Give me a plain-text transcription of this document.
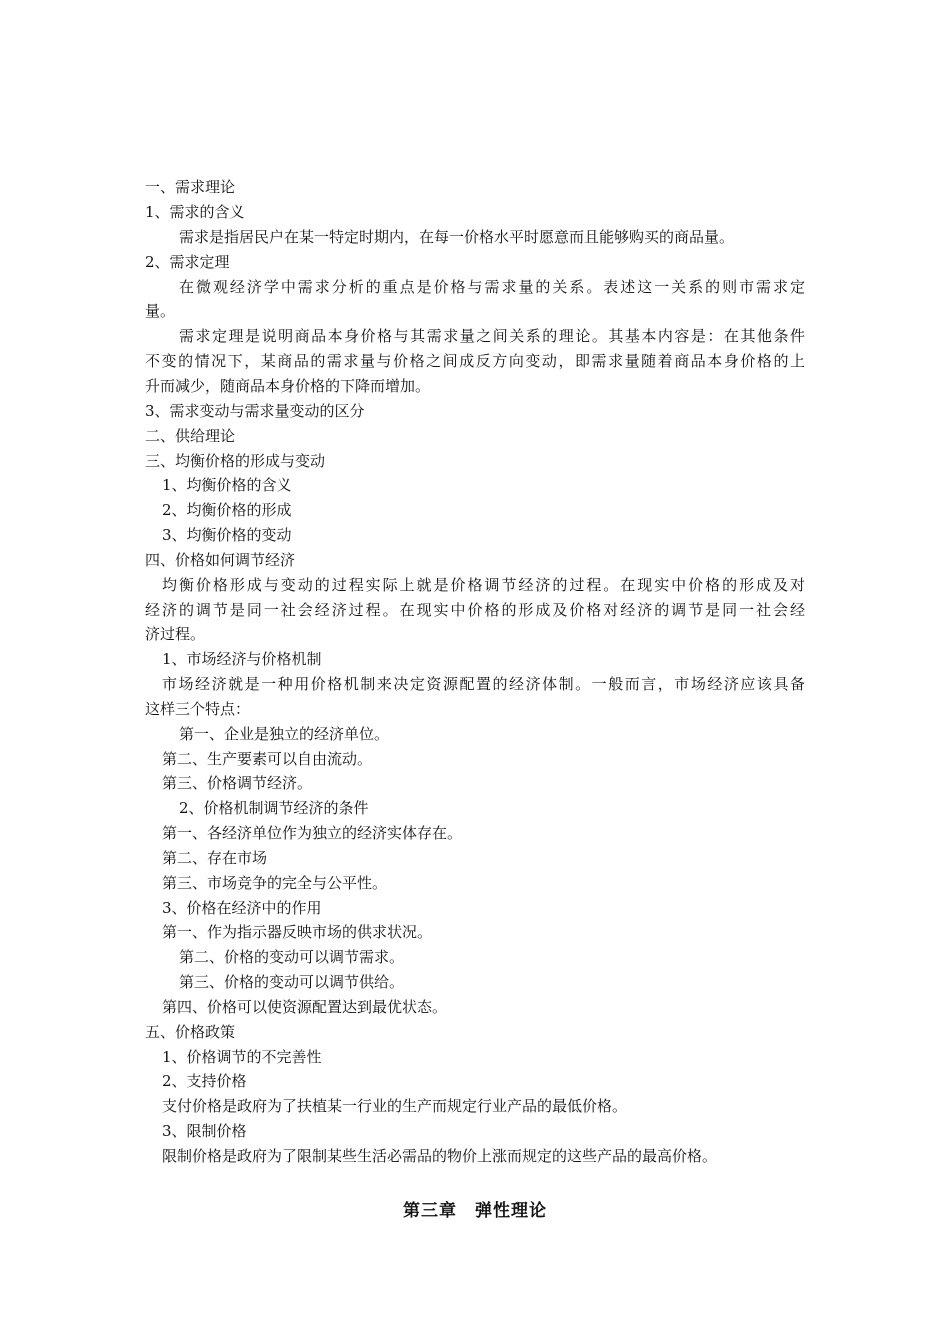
一、需求理论
1、需求的含义
需求是指居民户在某一特定时期内，在每一价格水平时愿意而且能够购买的商品量。
2、需求定理
在微观经济学中需求分析的重点是价格与需求量的关系。表述这一关系的则市需求定
量。
需求定理是说明商品本身价格与其需求量之间关系的理论。其基本内容是：在其他条件
不变的情况下，某商品的需求量与价格之间成反方向变动，即需求量随着商品本身价格的上
升而减少，随商品本身价格的下降而增加。
3、需求变动与需求量变动的区分
二、供给理论
三、均衡价格的形成与变动
1、均衡价格的含义
2、均衡价格的形成
3、均衡价格的变动
四、价格如何调节经济
均衡价格形成与变动的过程实际上就是价格调节经济的过程。在现实中价格的形成及对
经济的调节是同一社会经济过程。在现实中价格的形成及价格对经济的调节是同一社会经
济过程。
1、市场经济与价格机制
市场经济就是一种用价格机制来决定资源配置的经济体制。一般而言，市场经济应该具备
这样三个特点：
第一、企业是独立的经济单位。
第二、生产要素可以自由流动。
第三、价格调节经济。
2、价格机制调节经济的条件
第一、各经济单位作为独立的经济实体存在。
第二、存在市场
第三、市场竞争的完全与公平性。
3、价格在经济中的作用
第一、作为指示器反映市场的供求状况。
第二、价格的变动可以调节需求。
第三、价格的变动可以调节供给。
第四、价格可以使资源配置达到最优状态。
五、价格政策
1、价格调节的不完善性
2、支持价格
支付价格是政府为了扶植某一行业的生产而规定行业产品的最低价格。
3、限制价格
限制价格是政府为了限制某些生活必需品的物价上涨而规定的这些产品的最高价格。
第三章　弹性理论
